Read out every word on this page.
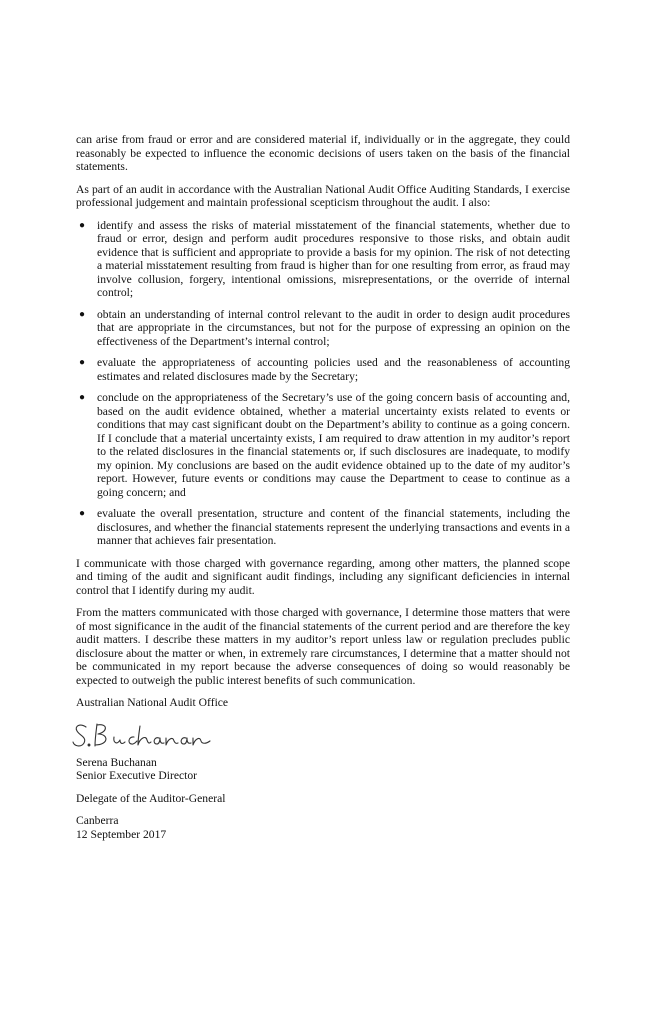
can arise from fraud or error and are considered material if, individually or in the aggregate, they could reasonably be expected to influence the economic decisions of users taken on the basis of the financial statements.

As part of an audit in accordance with the Australian National Audit Office Auditing Standards, I exercise professional judgement and maintain professional scepticism throughout the audit. I also:

● identify and assess the risks of material misstatement of the financial statements, whether due to fraud or error, design and perform audit procedures responsive to those risks, and obtain audit evidence that is sufficient and appropriate to provide a basis for my opinion. The risk of not detecting a material misstatement resulting from fraud is higher than for one resulting from error, as fraud may involve collusion, forgery, intentional omissions, misrepresentations, or the override of internal control;
● obtain an understanding of internal control relevant to the audit in order to design audit procedures that are appropriate in the circumstances, but not for the purpose of expressing an opinion on the effectiveness of the Department’s internal control;
● evaluate the appropriateness of accounting policies used and the reasonableness of accounting estimates and related disclosures made by the Secretary;
● conclude on the appropriateness of the Secretary’s use of the going concern basis of accounting and, based on the audit evidence obtained, whether a material uncertainty exists related to events or conditions that may cast significant doubt on the Department’s ability to continue as a going concern. If I conclude that a material uncertainty exists, I am required to draw attention in my auditor’s report to the related disclosures in the financial statements or, if such disclosures are inadequate, to modify my opinion. My conclusions are based on the audit evidence obtained up to the date of my auditor’s report. However, future events or conditions may cause the Department to cease to continue as a going concern; and
● evaluate the overall presentation, structure and content of the financial statements, including the disclosures, and whether the financial statements represent the underlying transactions and events in a manner that achieves fair presentation.

I communicate with those charged with governance regarding, among other matters, the planned scope and timing of the audit and significant audit findings, including any significant deficiencies in internal control that I identify during my audit.

From the matters communicated with those charged with governance, I determine those matters that were of most significance in the audit of the financial statements of the current period and are therefore the key audit matters. I describe these matters in my auditor’s report unless law or regulation precludes public disclosure about the matter or when, in extremely rare circumstances, I determine that a matter should not be communicated in my report because the adverse consequences of doing so would reasonably be expected to outweigh the public interest benefits of such communication.

Australian National Audit Office

Serena Buchanan

Senior Executive Director

Delegate of the Auditor-General

Canberra

12 September 2017
